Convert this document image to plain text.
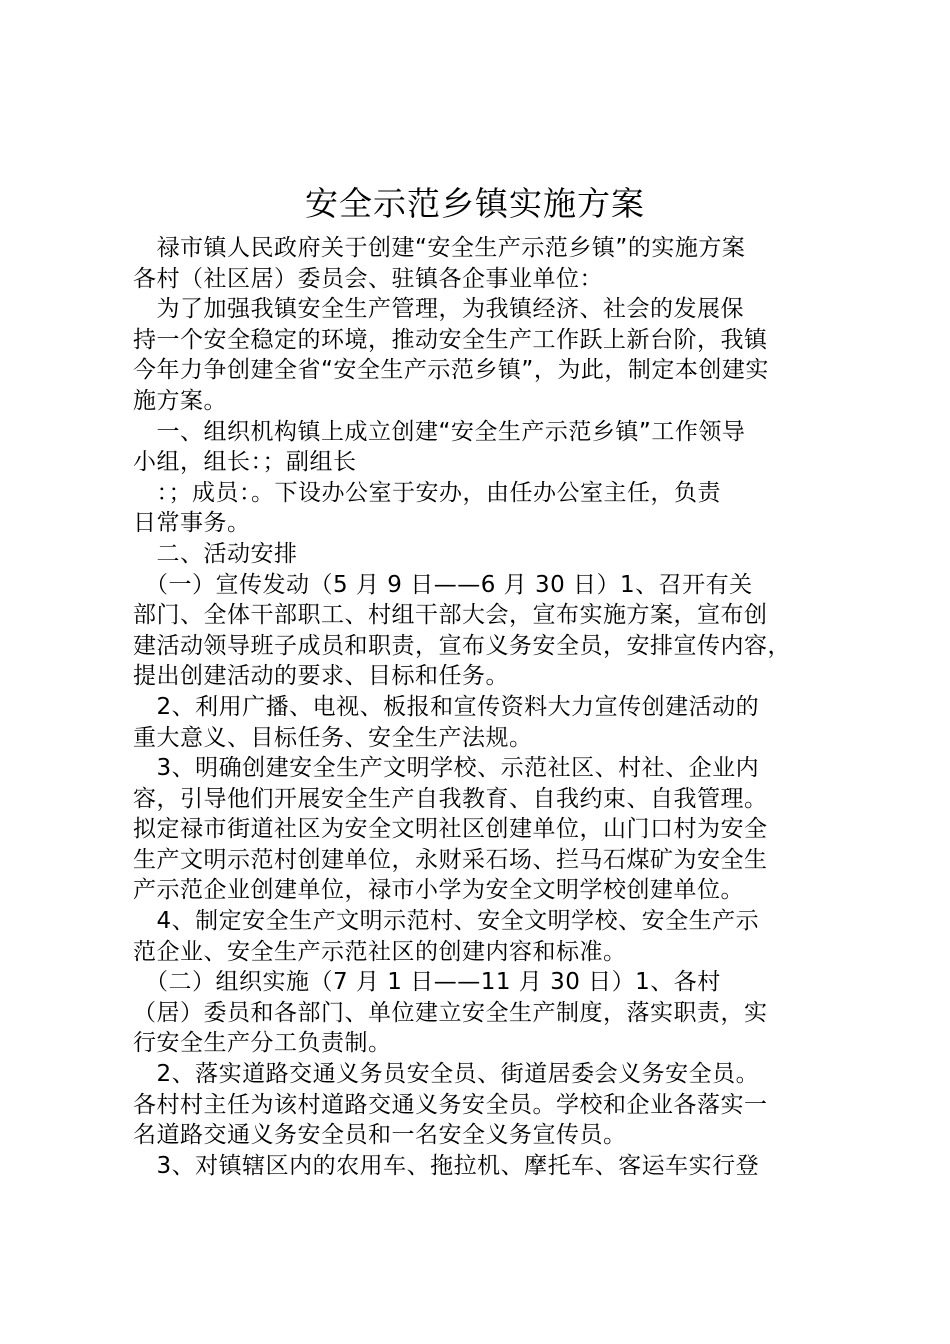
安全示范乡镇实施方案
　禄市镇人民政府关于创建“安全生产示范乡镇”的实施方案
各村（社区居）委员会、驻镇各企事业单位：
　为了加强我镇安全生产管理，为我镇经济、社会的发展保
持一个安全稳定的环境，推动安全生产工作跃上新台阶，我镇
今年力争创建全省“安全生产示范乡镇”，为此，制定本创建实
施方案。
　一、组织机构镇上成立创建“安全生产示范乡镇”工作领导
小组，组长：；副组长
　：；成员：。下设办公室于安办，由任办公室主任，负责
日常事务。
　二、活动安排
　（一）宣传发动（5 月 9 日——6 月 30 日）1、召开有关
部门、全体干部职工、村组干部大会，宣布实施方案，宣布创
建活动领导班子成员和职责，宣布义务安全员，安排宣传内容，
提出创建活动的要求、目标和任务。
　2、利用广播、电视、板报和宣传资料大力宣传创建活动的
重大意义、目标任务、安全生产法规。
　3、明确创建安全生产文明学校、示范社区、村社、企业内
容，引导他们开展安全生产自我教育、自我约束、自我管理。
拟定禄市街道社区为安全文明社区创建单位，山门口村为安全
生产文明示范村创建单位，永财采石场、拦马石煤矿为安全生
产示范企业创建单位，禄市小学为安全文明学校创建单位。
　4、制定安全生产文明示范村、安全文明学校、安全生产示
范企业、安全生产示范社区的创建内容和标准。
　（二）组织实施（7 月 1 日——11 月 30 日）1、各村
（居）委员和各部门、单位建立安全生产制度，落实职责，实
行安全生产分工负责制。
　2、落实道路交通义务员安全员、街道居委会义务安全员。
各村村主任为该村道路交通义务安全员。学校和企业各落实一
名道路交通义务安全员和一名安全义务宣传员。
　3、对镇辖区内的农用车、拖拉机、摩托车、客运车实行登
